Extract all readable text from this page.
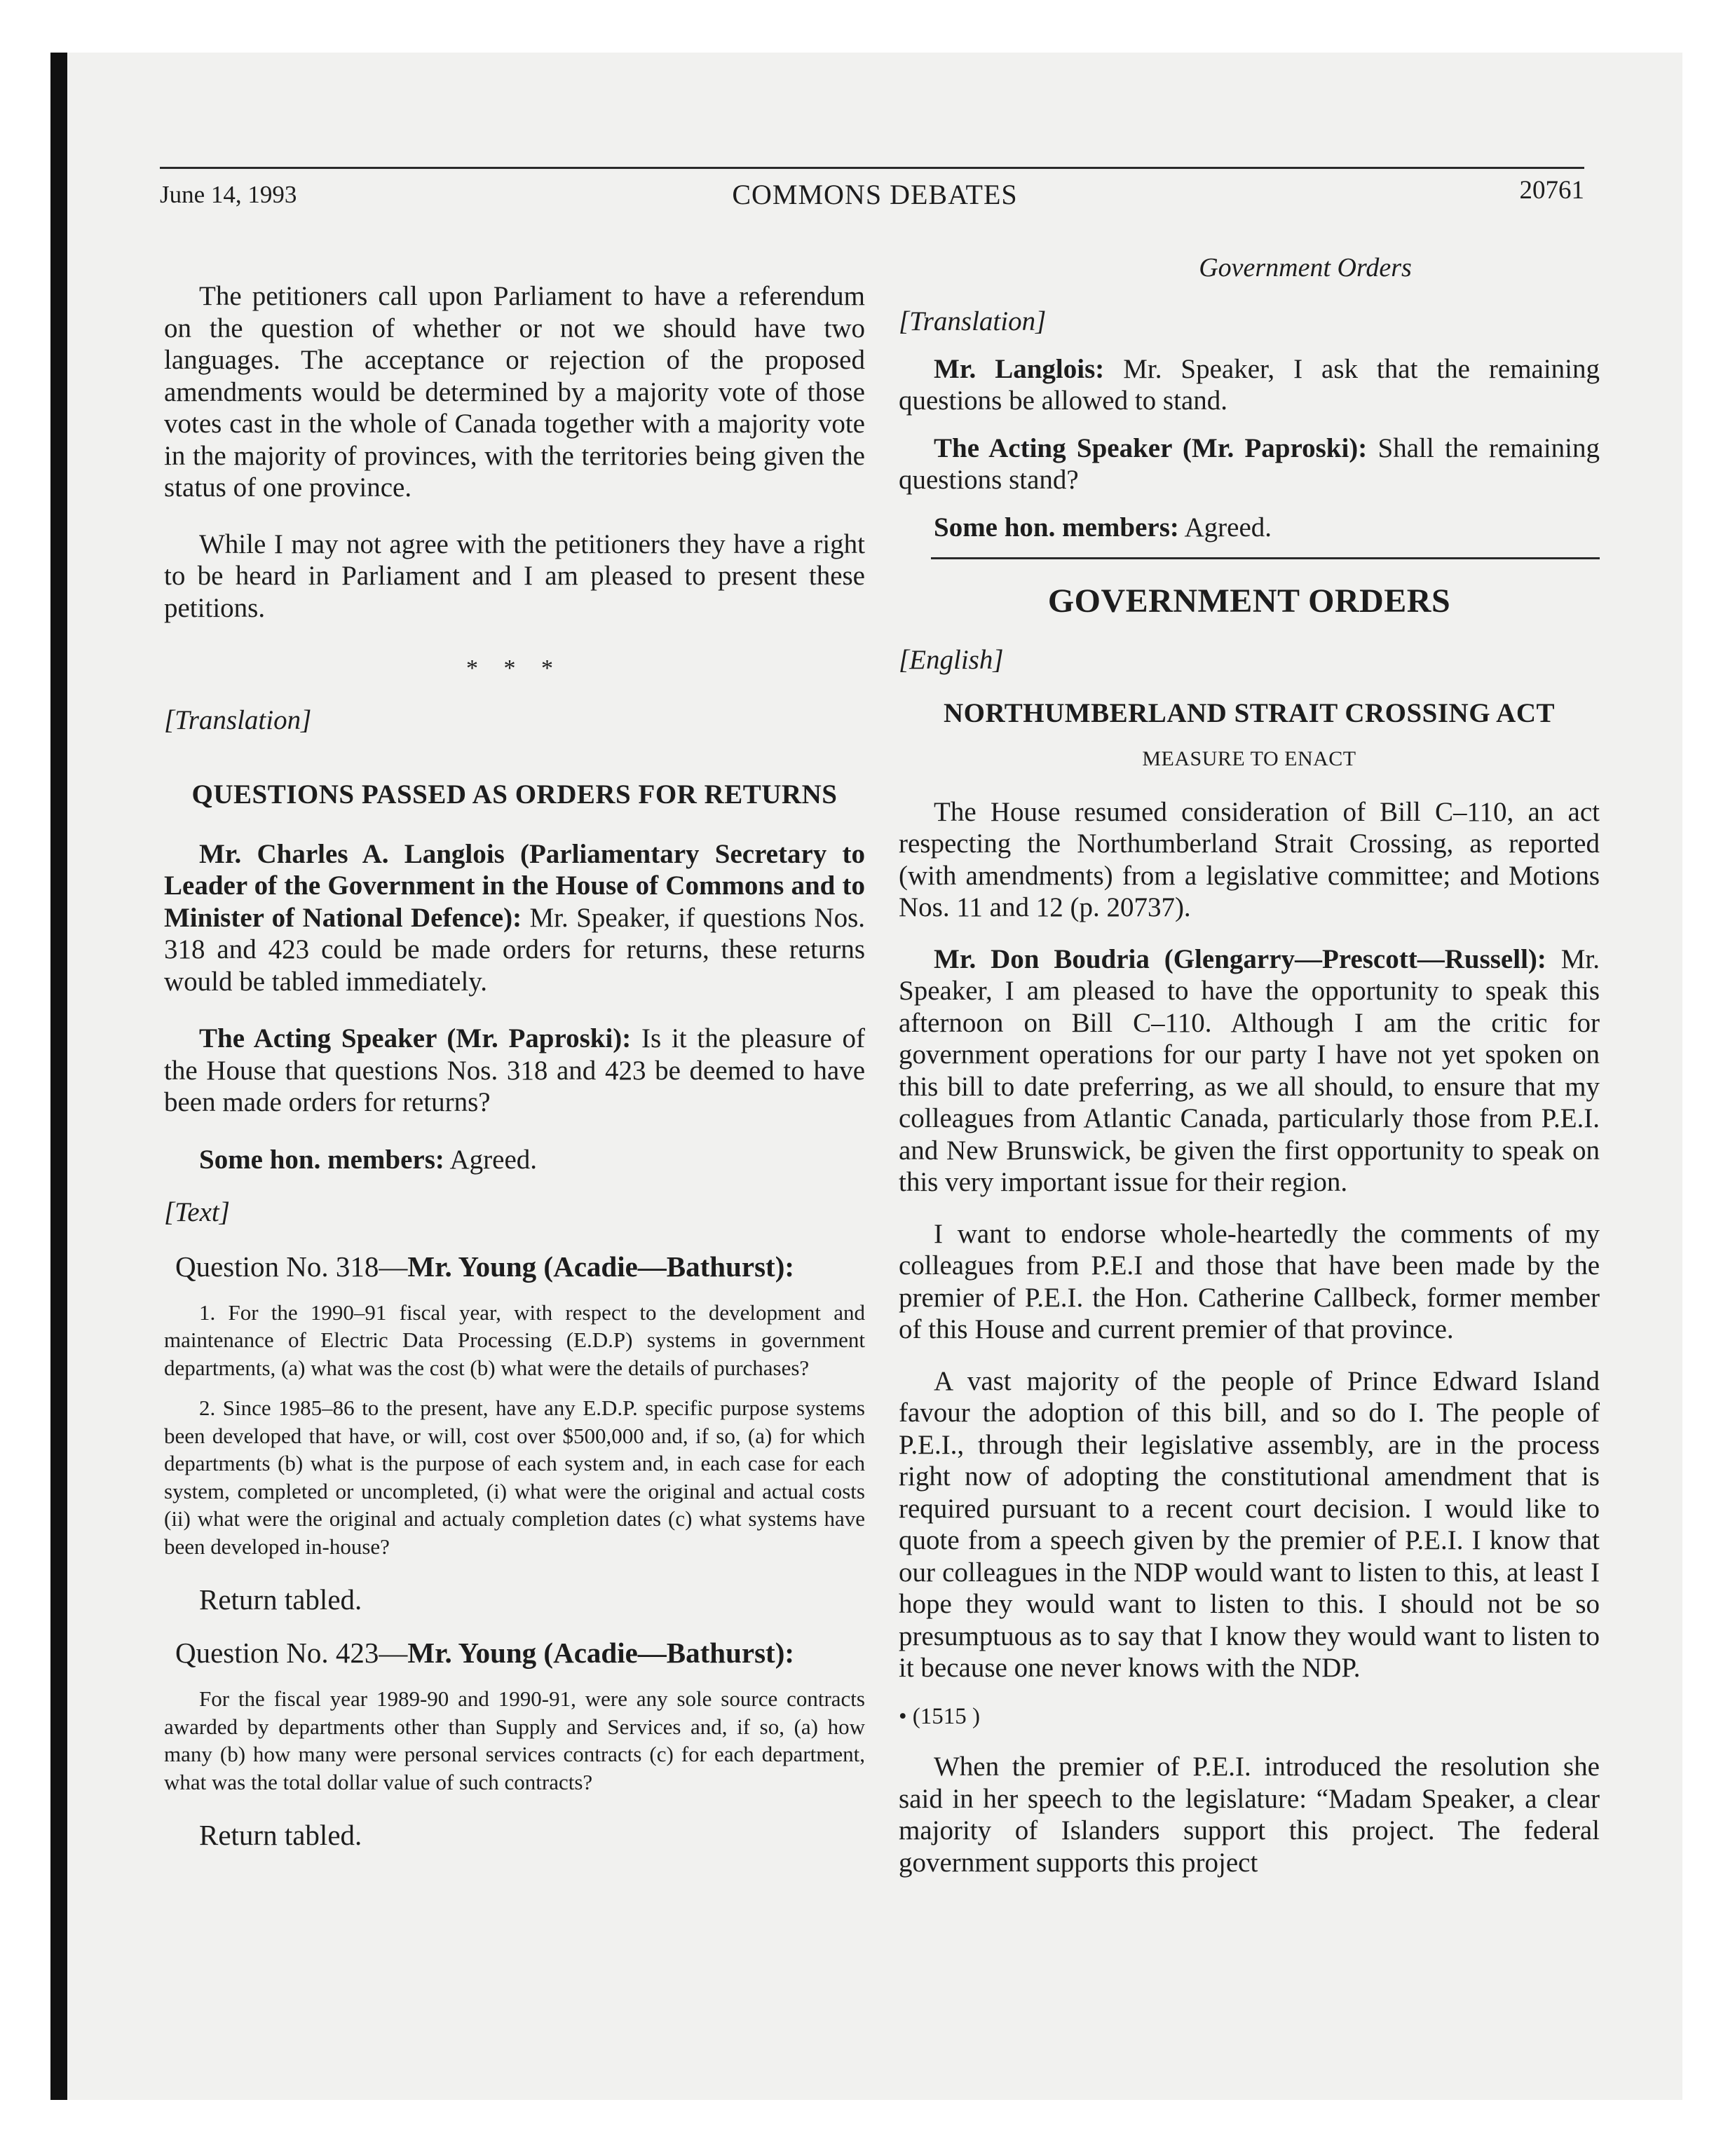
June 14, 1993	COMMONS DEBATES	20761

The petitioners call upon Parliament to have a referendum on the question of whether or not we should have two languages. The acceptance or rejection of the proposed amendments would be determined by a majority vote of those votes cast in the whole of Canada together with a majority vote in the majority of provinces, with the territories being given the status of one province.

While I may not agree with the petitioners they have a right to be heard in Parliament and I am pleased to present these petitions.

* * *
[Translation]
QUESTIONS PASSED AS ORDERS FOR RETURNS

Mr. Charles A. Langlois (Parliamentary Secretary to Leader of the Government in the House of Commons and to Minister of National Defence): Mr. Speaker, if questions Nos. 318 and 423 could be made orders for returns, these returns would be tabled immediately.

The Acting Speaker (Mr. Paproski): Is it the pleasure of the House that questions Nos. 318 and 423 be deemed to have been made orders for returns?

Some hon. members: Agreed.

[Text]
Question No. 318—Mr. Young (Acadie—Bathurst):

1. For the 1990–91 fiscal year, with respect to the development and maintenance of Electric Data Processing (E.D.P) systems in government departments, (a) what was the cost (b) what were the details of purchases?

2. Since 1985–86 to the present, have any E.D.P. specific purpose systems been developed that have, or will, cost over $500,000 and, if so, (a) for which departments (b) what is the purpose of each system and, in each case for each system, completed or uncompleted, (i) what were the original and actual costs (ii) what were the original and actualy completion dates (c) what systems have been developed in-house?

Return tabled.
Question No. 423—Mr. Young (Acadie—Bathurst):

For the fiscal year 1989-90 and 1990-91, were any sole source contracts awarded by departments other than Supply and Services and, if so, (a) how many (b) how many were personal services contracts (c) for each department, what was the total dollar value of such contracts?

Return tabled.
Government Orders
[Translation]

Mr. Langlois: Mr. Speaker, I ask that the remaining questions be allowed to stand.

The Acting Speaker (Mr. Paproski): Shall the remaining questions stand?

Some hon. members: Agreed.

GOVERNMENT ORDERS
[English]
NORTHUMBERLAND STRAIT CROSSING ACT
MEASURE TO ENACT

The House resumed consideration of Bill C–110, an act respecting the Northumberland Strait Crossing, as reported (with amendments) from a legislative committee; and Motions Nos. 11 and 12 (p. 20737).

Mr. Don Boudria (Glengarry—Prescott—Russell): Mr. Speaker, I am pleased to have the opportunity to speak this afternoon on Bill C–110. Although I am the critic for government operations for our party I have not yet spoken on this bill to date preferring, as we all should, to ensure that my colleagues from Atlantic Canada, particularly those from P.E.I. and New Brunswick, be given the first opportunity to speak on this very important issue for their region.

I want to endorse whole-heartedly the comments of my colleagues from P.E.I and those that have been made by the premier of P.E.I. the Hon. Catherine Callbeck, former member of this House and current premier of that province.

A vast majority of the people of Prince Edward Island favour the adoption of this bill, and so do I. The people of P.E.I., through their legislative assembly, are in the process right now of adopting the constitutional amendment that is required pursuant to a recent court decision. I would like to quote from a speech given by the premier of P.E.I. I know that our colleagues in the NDP would want to listen to this, at least I hope they would want to listen to this. I should not be so presumptuous as to say that I know they would want to listen to it because one never knows with the NDP.

• (1515 )

When the premier of P.E.I. introduced the resolution she said in her speech to the legislature: “Madam Speaker, a clear majority of Islanders support this project. The federal government supports this project
